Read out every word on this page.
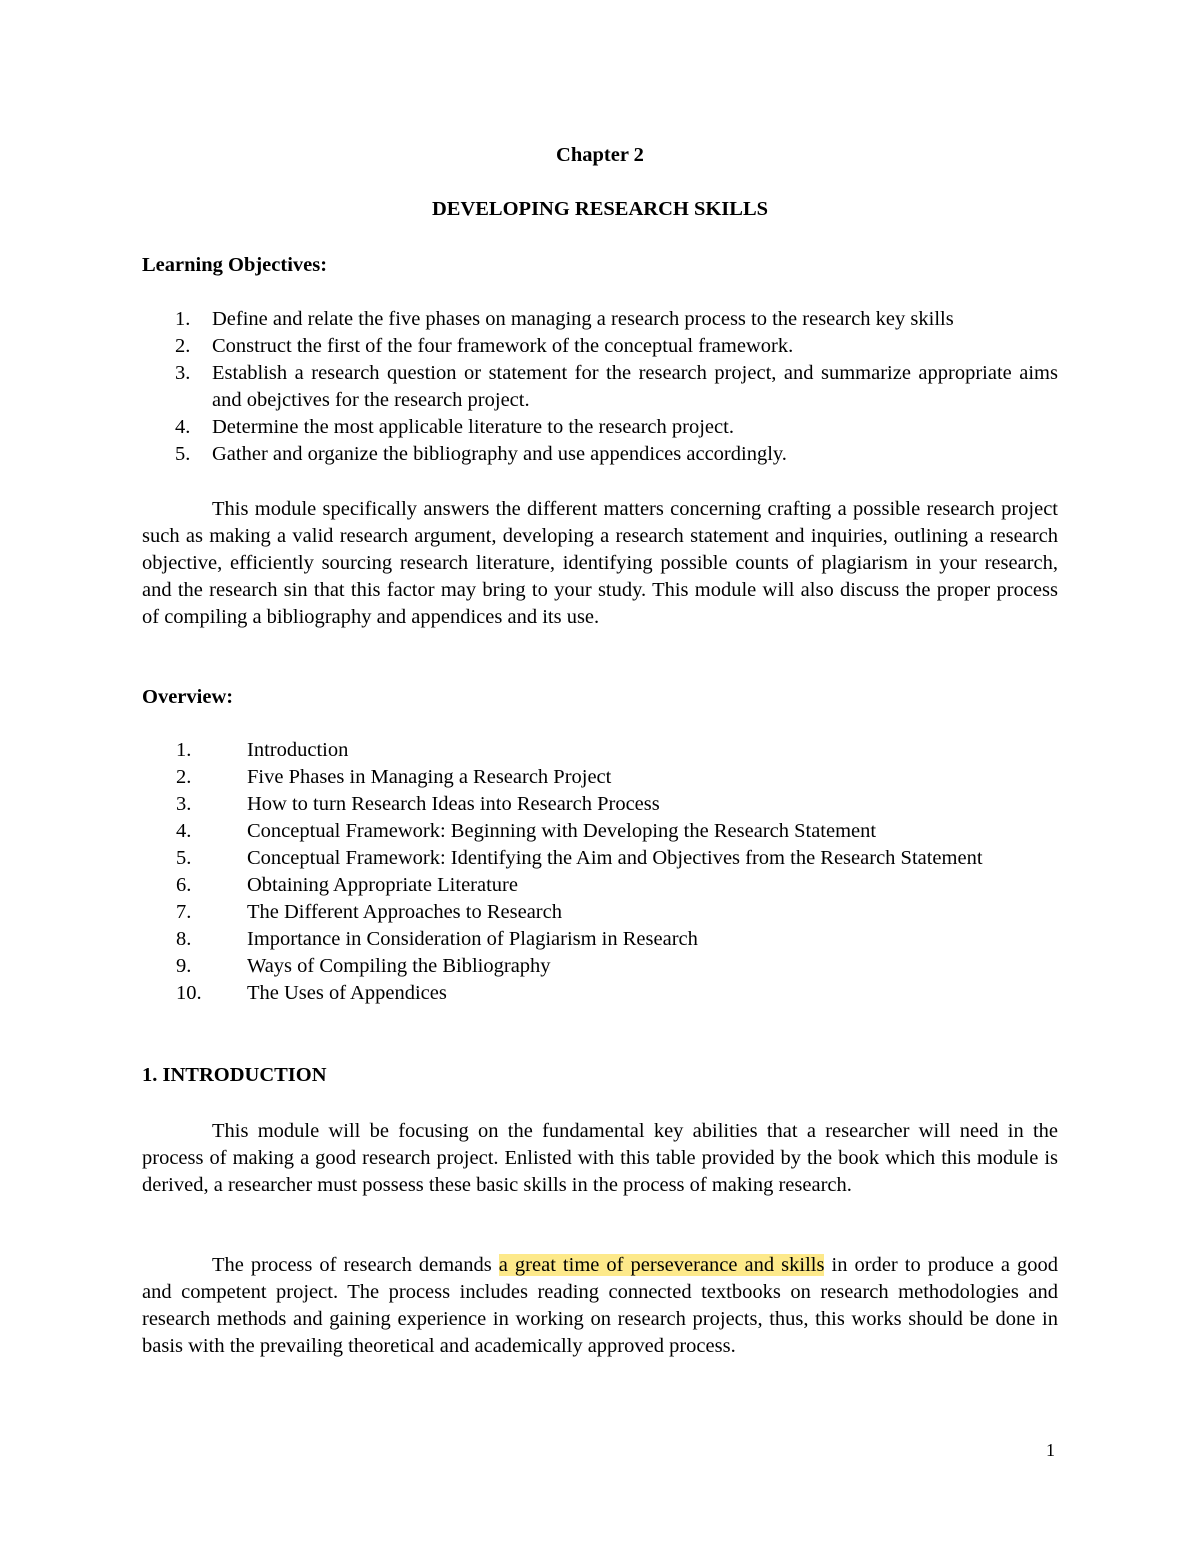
Chapter 2
DEVELOPING RESEARCH SKILLS
Learning Objectives:
1. Define and relate the five phases on managing a research process to the research key skills
2. Construct the first of the four framework of the conceptual framework.
3. Establish a research question or statement for the research project, and summarize appropriate aims and obejctives for the research project.
4. Determine the most applicable literature to the research project.
5. Gather and organize the bibliography and use appendices accordingly.

This module specifically answers the different matters concerning crafting a possible research project such as making a valid research argument, developing a research statement and inquiries, outlining a research objective, efficiently sourcing research literature, identifying possible counts of plagiarism in your research, and the research sin that this factor may bring to your study. This module will also discuss the proper process of compiling a bibliography and appendices and its use.

Overview:
1.	Introduction
2.	Five Phases in Managing a Research Project
3.	How to turn Research Ideas into Research Process
4.	Conceptual Framework: Beginning with Developing the Research Statement
5.	Conceptual Framework: Identifying the Aim and Objectives from the Research Statement
6.	Obtaining Appropriate Literature
7.	The Different Approaches to Research
8.	Importance in Consideration of Plagiarism in Research
9.	Ways of Compiling the Bibliography
10. The Uses of Appendices
1. INTRODUCTION

This module will be focusing on the fundamental key abilities that a researcher will need in the process of making a good research project. Enlisted with this table provided by the book which this module is derived, a researcher must possess these basic skills in the process of making research.

The process of research demands a great time of perseverance and skills in order to produce a good and competent project. The process includes reading connected textbooks on research methodologies and research methods and gaining experience in working on research projects, thus, this works should be done in basis with the prevailing theoretical and academically approved process.

1
